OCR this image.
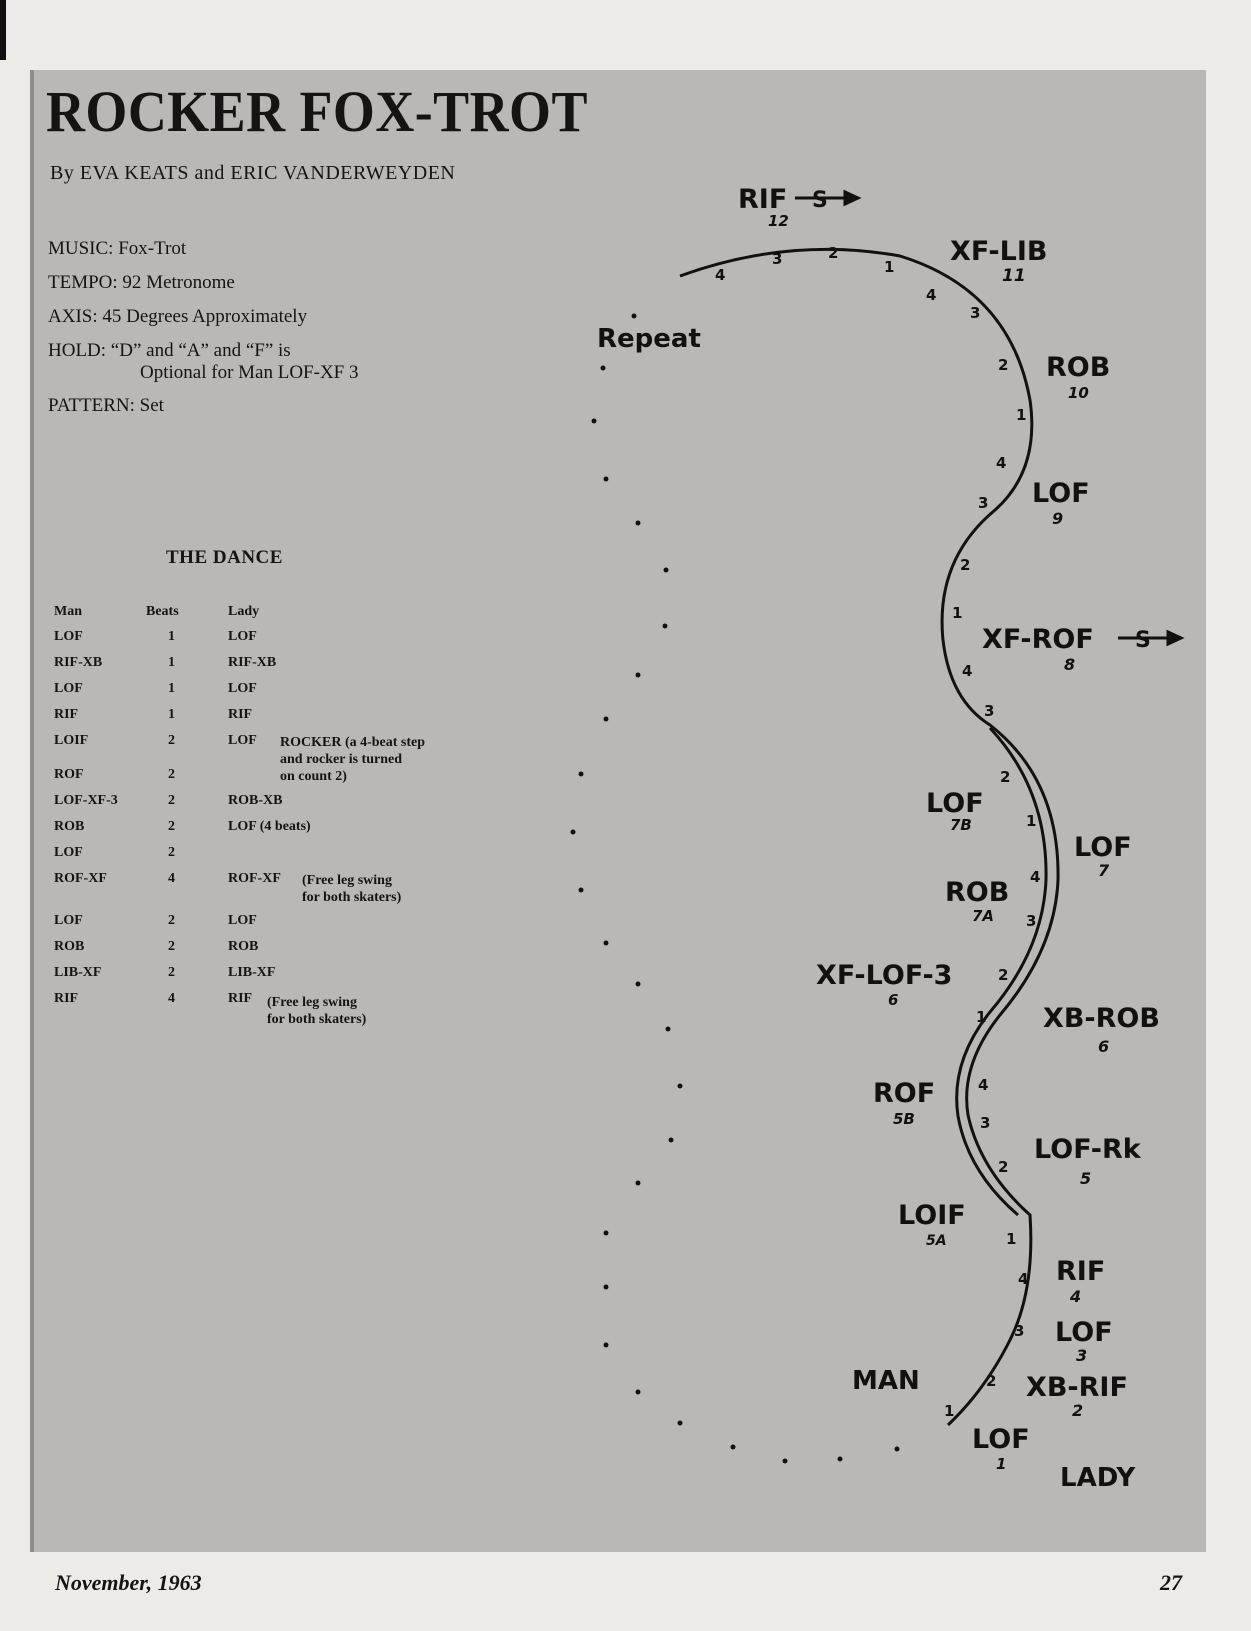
ROCKER FOX-TROT
By EVA KEATS and ERIC VANDERWEYDEN
MUSIC: Fox-Trot
TEMPO: 92 Metronome
AXIS: 45 Degrees Approximately
HOLD: “D” and “A” and “F” is
Optional for Man LOF-XF 3
PATTERN: Set
THE DANCE
Man	Beats	Lady
LOF	1	LOF
RIF-XB	1	RIF-XB
LOF	1	LOF
RIF	1	RIF
LOIF	2	LOF
ROF	2
LOF-XF-3	2	ROB-XB
ROB	2	LOF (4 beats)
LOF	2
ROF-XF	4	ROF-XF
LOF	2	LOF
ROB	2	ROB
LIB-XF	2	LIB-XF
RIF	4	RIF
ROCKER (a 4-beat step
and rocker is turned
on count 2)
(Free leg swing
for both skaters)
(Free leg swing
for both skaters)
S
S
Repeat
MAN
LADY
RIF
12
XF-LIB
11
ROB
10
LOF
9
XF-ROF
8
LOF
7B
LOF
7
ROB
7A
XF-LOF-3
6
XB-ROB
6
ROF
5B
LOF-Rk
5
LOIF
5A
RIF
4
LOF
3
XB-RIF
2
LOF
1
4
3	2
1
4
3
2
1
4
3
2
1
4
3
2
1
4
3
2
1
4
3
2
1
4
3
2
1
November, 1963	27
